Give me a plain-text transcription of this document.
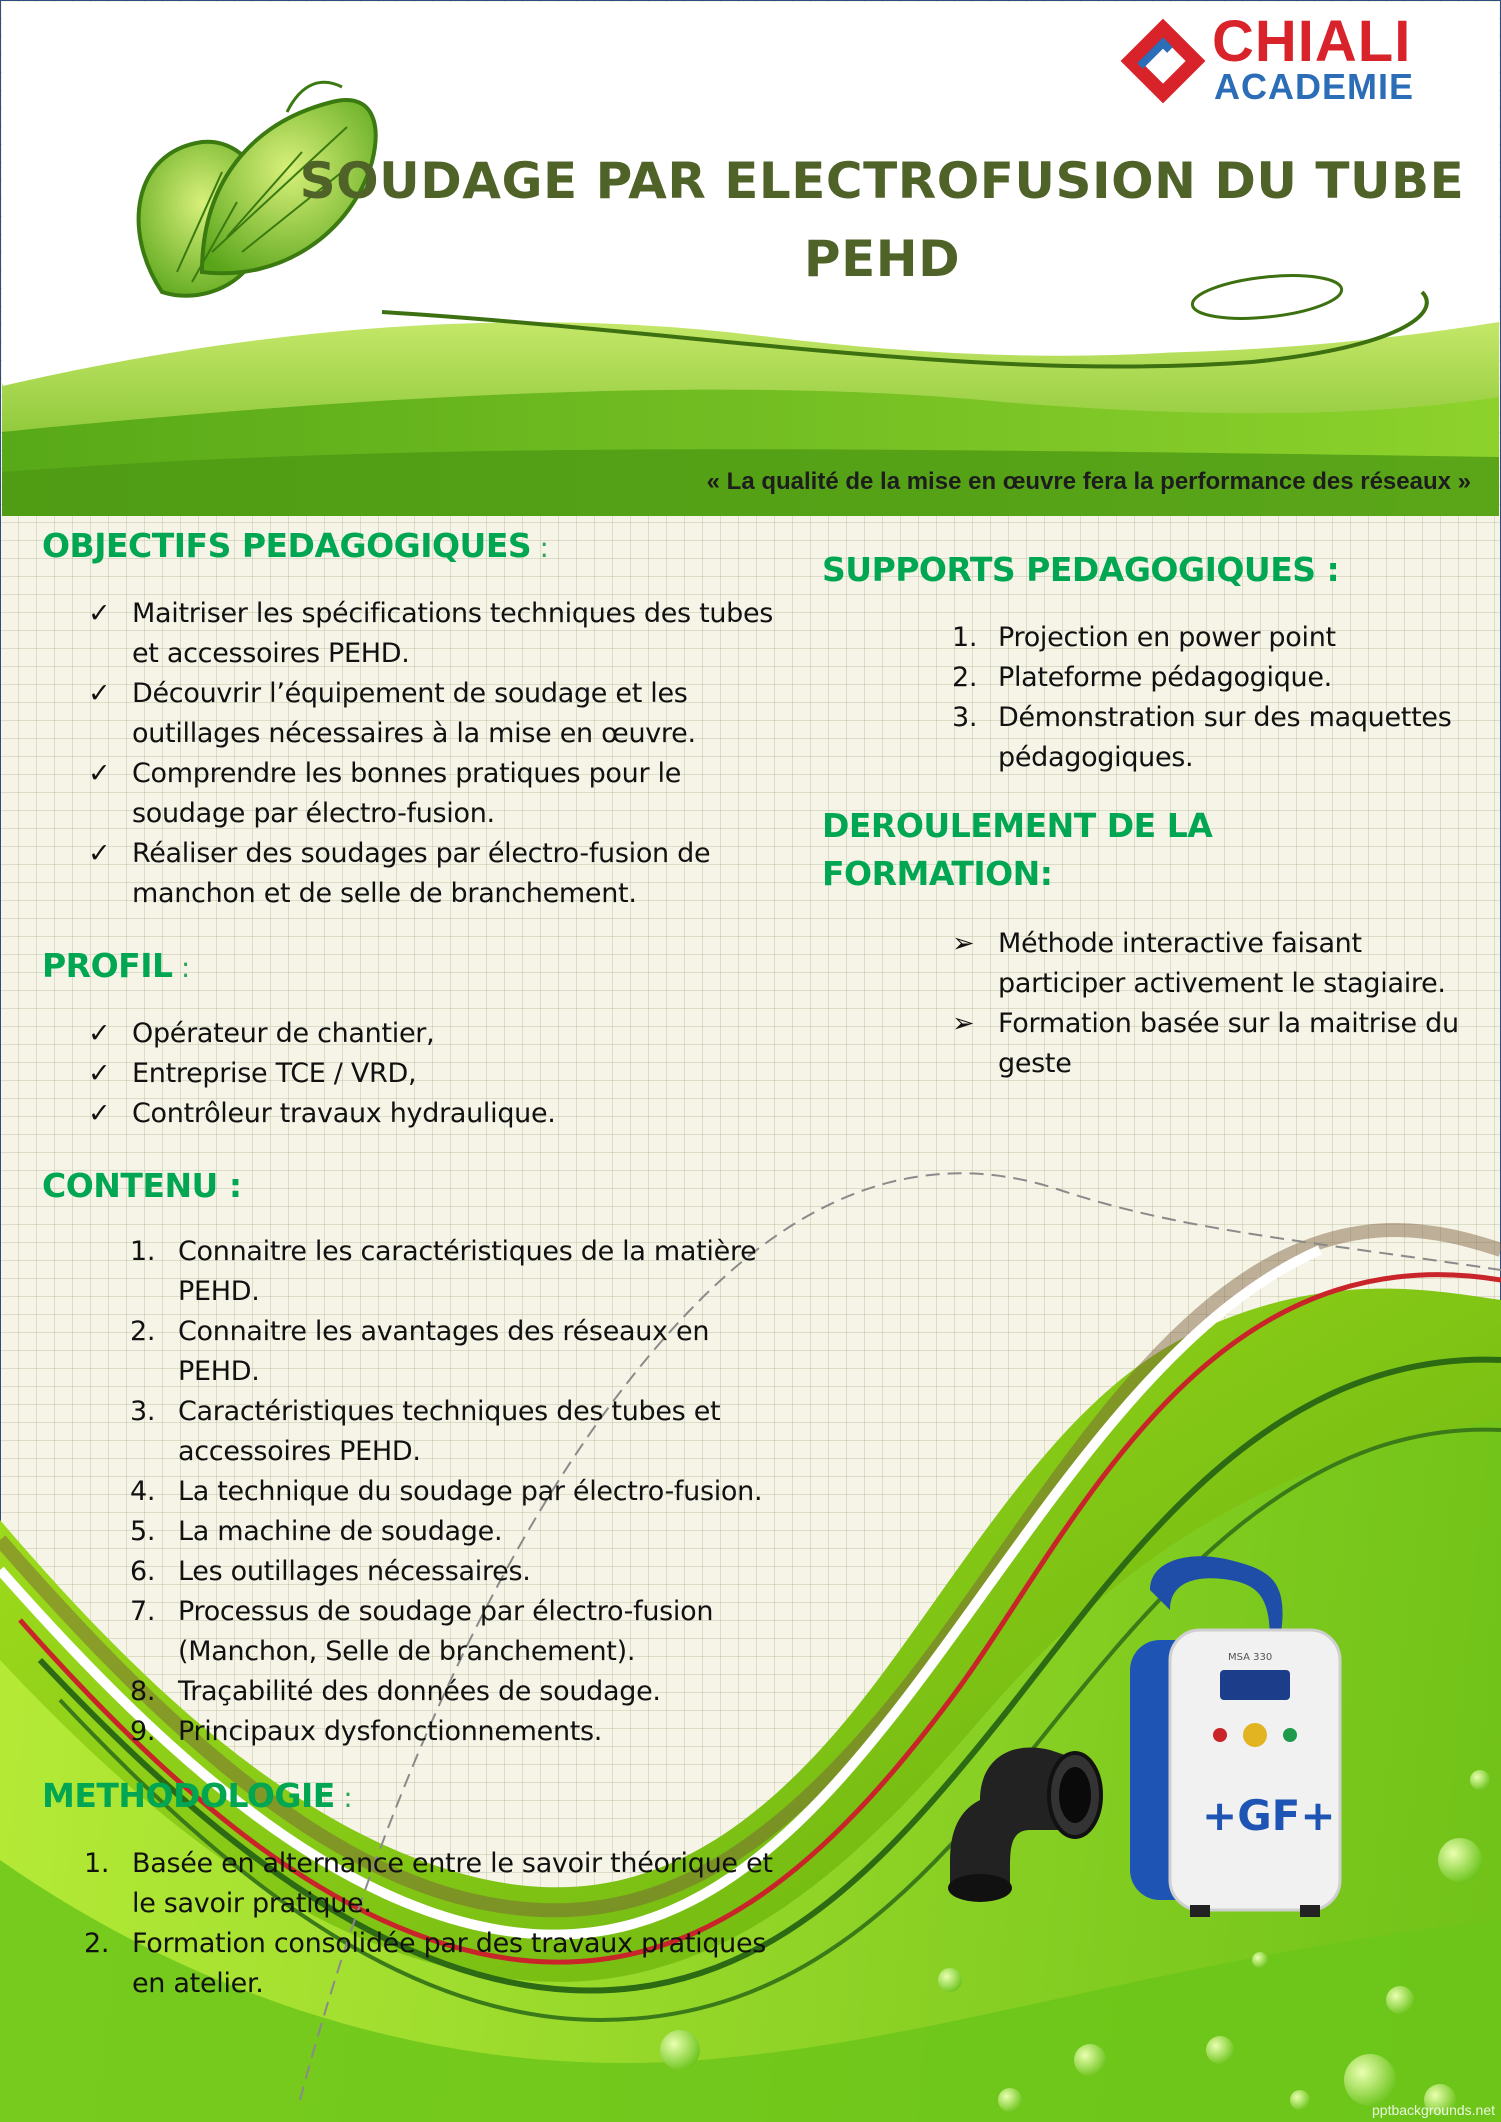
CHIALI
ACADEMIE
SOUDAGE PAR ELECTROFUSION DU TUBE
PEHD
« La qualité de la mise en œuvre fera la performance des réseaux »
MSA 330
+GF+
OBJECTIFS PEDAGOGIQUES :
✓ Maitriser les spécifications techniques des tubes et accessoires PEHD.
✓ Découvrir l’équipement de soudage et les outillages nécessaires à la mise en œuvre.
✓ Comprendre les bonnes pratiques pour le soudage par électro-fusion.
✓ Réaliser des soudages par électro-fusion de manchon et de selle de branchement.
PROFIL :
✓ Opérateur de chantier,
✓ Entreprise TCE / VRD,
✓ Contrôleur travaux hydraulique.
CONTENU :
1. Connaitre les caractéristiques de la matière PEHD.
2. Connaitre les avantages des réseaux en PEHD.
3. Caractéristiques techniques des tubes et accessoires PEHD.
4. La technique du soudage par électro-fusion.
5. La machine de soudage.
6. Les outillages nécessaires.
7. Processus de soudage par électro-fusion (Manchon, Selle de branchement).
8. Traçabilité des données de soudage.
9. Principaux dysfonctionnements.
METHODOLOGIE :
1. Basée en alternance entre le savoir théorique et le savoir pratique.
2. Formation consolidée par des travaux pratiques en atelier.
SUPPORTS PEDAGOGIQUES :
1. Projection en power point
2. Plateforme pédagogique.
3. Démonstration sur des maquettes pédagogiques.
DEROULEMENT DE LA FORMATION:
➢ Méthode interactive faisant participer activement le stagiaire.
➢ Formation basée sur la maitrise du geste
pptbackgrounds.net
